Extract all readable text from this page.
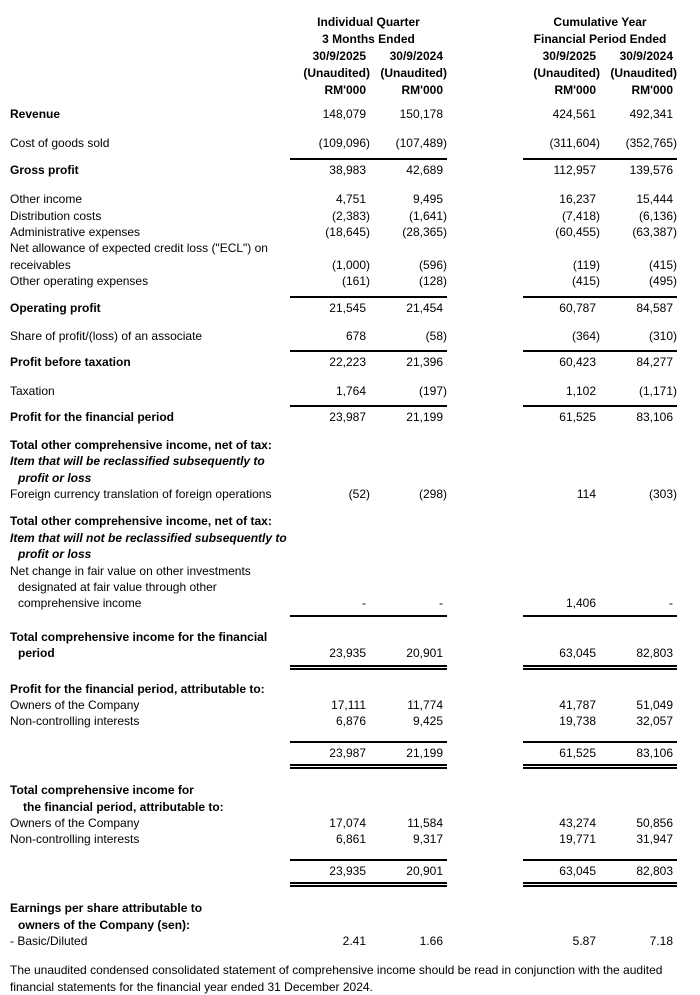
	Individual Quarter			Cumulative Year	
	3 Months Ended			Financial Period Ended	
	30/9/2025	30/9/2024		30/9/2025	30/9/2024
	(Unaudited)	(Unaudited)		(Unaudited)	(Unaudited)
	RM'000	RM'000		RM'000	RM'000

Revenue	148,079	150,178		424,561	492,341

Cost of goods sold	(109,096)	(107,489)		(311,604)	(352,765)

Gross profit	38,983	42,689		112,957	139,576

Other income	4,751	9,495		16,237	15,444

Distribution costs	(2,383)	(1,641)		(7,418)	(6,136)

Administrative expenses	(18,645)	(28,365)		(60,455)	(63,387)

Net allowance of expected credit loss ("ECL") on
receivables	(1,000)	(596)		(119)	(415)

Other operating expenses	(161)	(128)		(415)	(495)

Operating profit	21,545	21,454		60,787	84,587

Share of profit/(loss) of an associate	678	(58)		(364)	(310)

Profit before taxation	22,223	21,396		60,423	84,277

Taxation	1,764	(197)		1,102	(1,171)

Profit for the financial period	23,987	21,199		61,525	83,106

Total other comprehensive income, net of tax:
Item that will be reclassified subsequently to
profit or loss					

Foreign currency translation of foreign operations	(52)	(298)		114	(303)

Total other comprehensive income, net of tax:
Item that will not be reclassified subsequently to
profit or loss					

Net change in fair value on other investments
designated at fair value through other
comprehensive income	-	-		1,406	-

Total comprehensive income for the financial
period	23,935	20,901		63,045	82,803

Profit for the financial period, attributable to:					

Owners of the Company	17,111	11,774		41,787	51,049

Non-controlling interests	6,876	9,425		19,738	32,057

	23,987	21,199		61,525	83,106

Total comprehensive income for
the financial period, attributable to:					

Owners of the Company	17,074	11,584		43,274	50,856

Non-controlling interests	6,861	9,317		19,771	31,947

	23,935	20,901		63,045	82,803

Earnings per share attributable to
owners of the Company (sen):					

- Basic/Diluted	2.41	1.66		5.87	7.18
The unaudited condensed consolidated statement of comprehensive income should be read in conjunction with the audited
financial statements for the financial year ended 31 December 2024.
